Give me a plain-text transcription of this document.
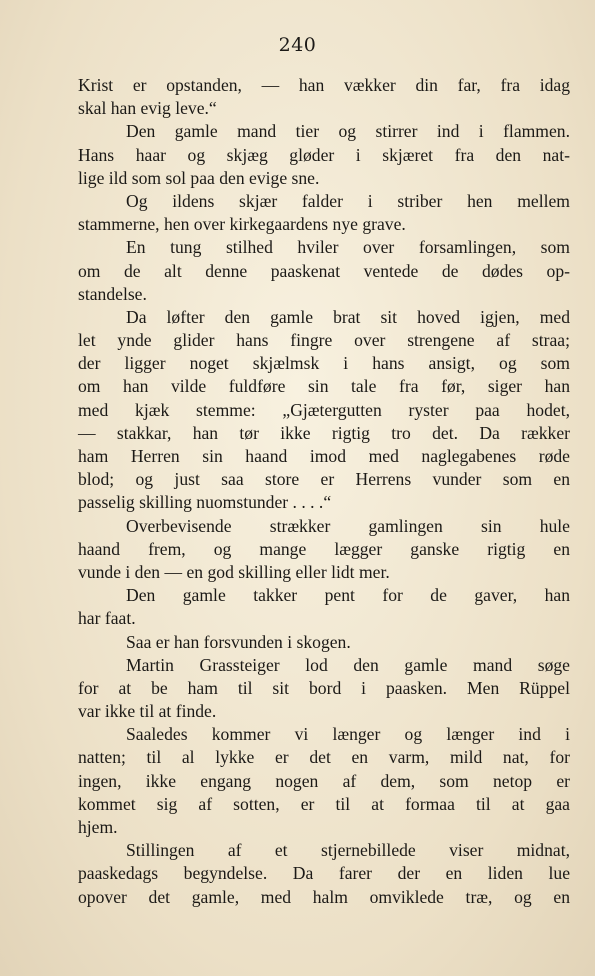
240
Krist er opstanden, — han vækker din far, fra idag
skal han evig leve.“
Den gamle mand tier og stirrer ind i flammen.
Hans haar og skjæg gløder i skjæret fra den nat-
lige ild som sol paa den evige sne.
Og ildens skjær falder i striber hen mellem
stammerne, hen over kirkegaardens nye grave.
En tung stilhed hviler over forsamlingen, som
om de alt denne paaskenat ventede de dødes op-
standelse.
Da løfter den gamle brat sit hoved igjen, med
let ynde glider hans fingre over strengene af straa;
der ligger noget skjælmsk i hans ansigt, og som
om han vilde fuldføre sin tale fra før, siger han
med kjæk stemme: „Gjætergutten ryster paa hodet,
— stakkar, han tør ikke rigtig tro det. Da rækker
ham Herren sin haand imod med naglegabenes røde
blod; og just saa store er Herrens vunder som en
passelig skilling nuomstunder . . . .“
Overbevisende strækker gamlingen sin hule
haand frem, og mange lægger ganske rigtig en
vunde i den — en god skilling eller lidt mer.
Den gamle takker pent for de gaver, han
har faat.
Saa er han forsvunden i skogen.
Martin Grassteiger lod den gamle mand søge
for at be ham til sit bord i paasken. Men Rüppel
var ikke til at finde.
Saaledes kommer vi længer og længer ind i
natten; til al lykke er det en varm, mild nat, for
ingen, ikke engang nogen af dem, som netop er
kommet sig af sotten, er til at formaa til at gaa
hjem.
Stillingen af et stjernebillede viser midnat,
paaskedags begyndelse. Da farer der en liden lue
opover det gamle, med halm omviklede træ, og en
